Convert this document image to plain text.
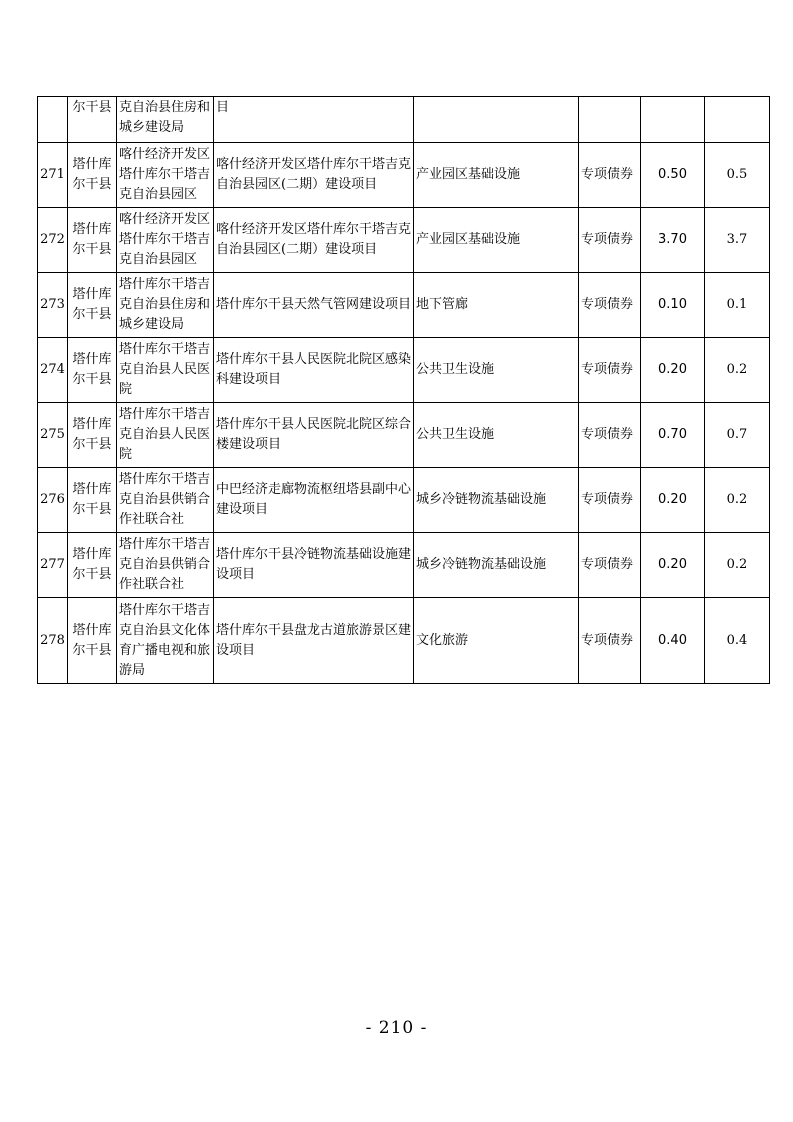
	尔干县	克自治县住房和城乡建设局	目				
271	塔什库尔干县	喀什经济开发区塔什库尔干塔吉克自治县园区	喀什经济开发区塔什库尔干塔吉克自治县园区(二期）建设项目	产业园区基础设施	专项债券	0.50	0.5
272	塔什库尔干县	喀什经济开发区塔什库尔干塔吉克自治县园区	喀什经济开发区塔什库尔干塔吉克自治县园区(二期）建设项目	产业园区基础设施	专项债券	3.70	3.7
273	塔什库尔干县	塔什库尔干塔吉克自治县住房和城乡建设局	塔什库尔干县天然气管网建设项目	地下管廊	专项债券	0.10	0.1
274	塔什库尔干县	塔什库尔干塔吉克自治县人民医院	塔什库尔干县人民医院北院区感染科建设项目	公共卫生设施	专项债券	0.20	0.2
275	塔什库尔干县	塔什库尔干塔吉克自治县人民医院	塔什库尔干县人民医院北院区综合楼建设项目	公共卫生设施	专项债券	0.70	0.7
276	塔什库尔干县	塔什库尔干塔吉克自治县供销合作社联合社	中巴经济走廊物流枢纽塔县副中心建设项目	城乡冷链物流基础设施	专项债券	0.20	0.2
277	塔什库尔干县	塔什库尔干塔吉克自治县供销合作社联合社	塔什库尔干县冷链物流基础设施建设项目	城乡冷链物流基础设施	专项债券	0.20	0.2
278	塔什库尔干县	塔什库尔干塔吉克自治县文化体育广播电视和旅游局	塔什库尔干县盘龙古道旅游景区建设项目	文化旅游	专项债券	0.40	0.4
- 210 -
